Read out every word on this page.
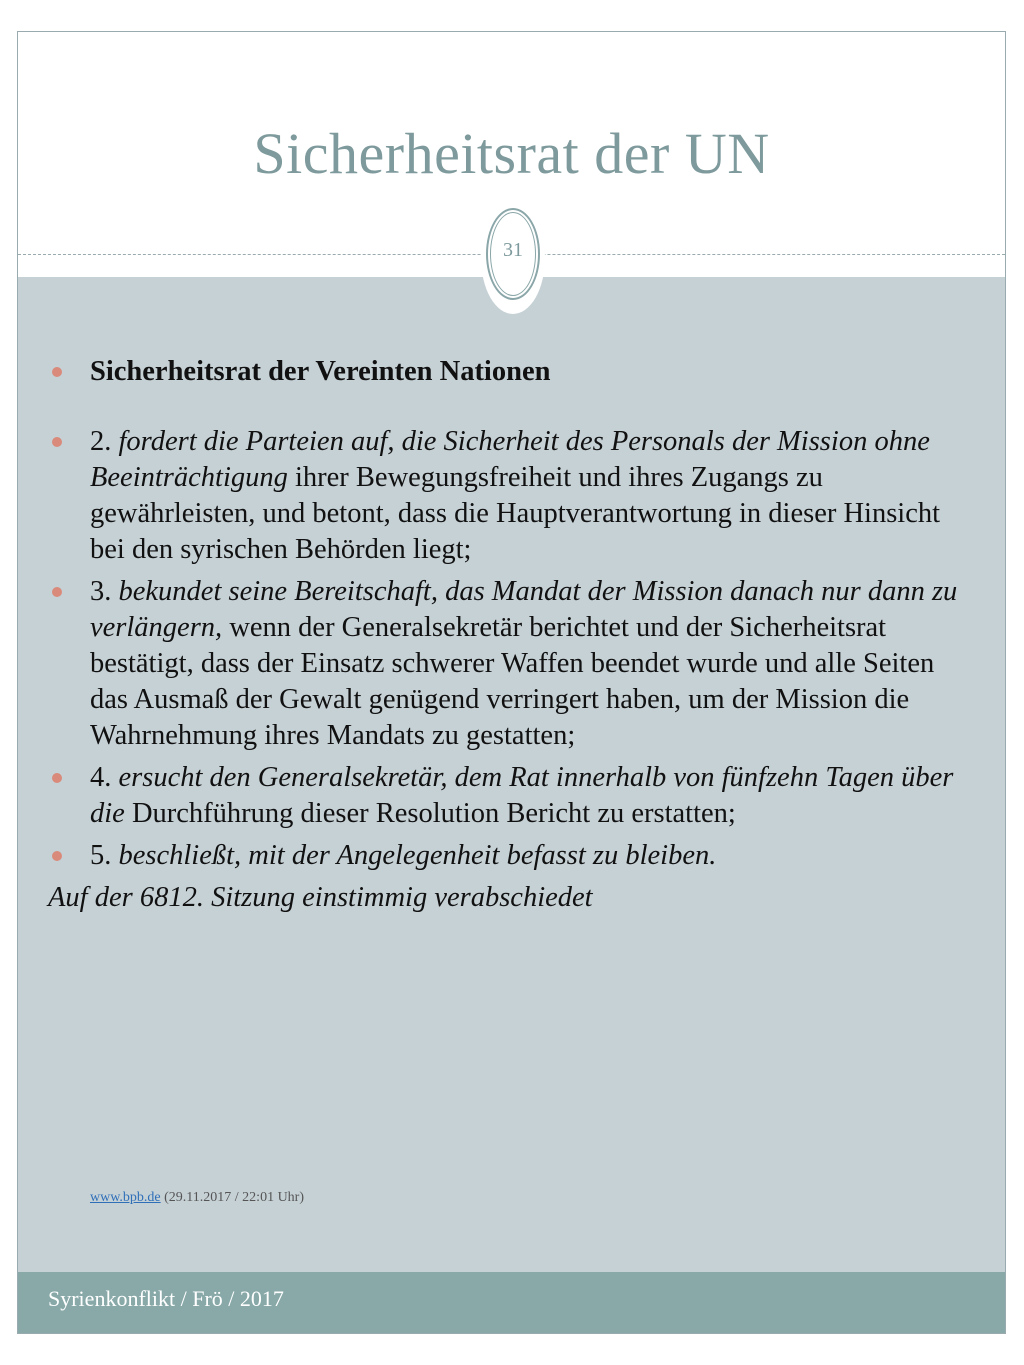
Sicherheitsrat der UN
31
Sicherheitsrat der Vereinten Nationen
2. fordert die Parteien auf, die Sicherheit des Personals der Mission ohne Beeinträchtigung ihrer Bewegungsfreiheit und ihres Zugangs zu gewährleisten, und betont, dass die Hauptverantwortung in dieser Hinsicht bei den syrischen Behörden liegt;
3. bekundet seine Bereitschaft, das Mandat der Mission danach nur dann zu verlängern, wenn der Generalsekretär berichtet und der Sicherheitsrat bestätigt, dass der Einsatz schwerer Waffen beendet wurde und alle Seiten das Ausmaß der Gewalt genügend verringert haben, um der Mission die Wahrnehmung ihres Mandats zu gestatten;
4. ersucht den Generalsekretär, dem Rat innerhalb von fünfzehn Tagen über die Durchführung dieser Resolution Bericht zu erstatten;
5. beschließt, mit der Angelegenheit befasst zu bleiben.
Auf der 6812. Sitzung einstimmig verabschiedet
www.bpb.de (29.11.2017 / 22:01 Uhr)
Syrienkonflikt / Frö / 2017
